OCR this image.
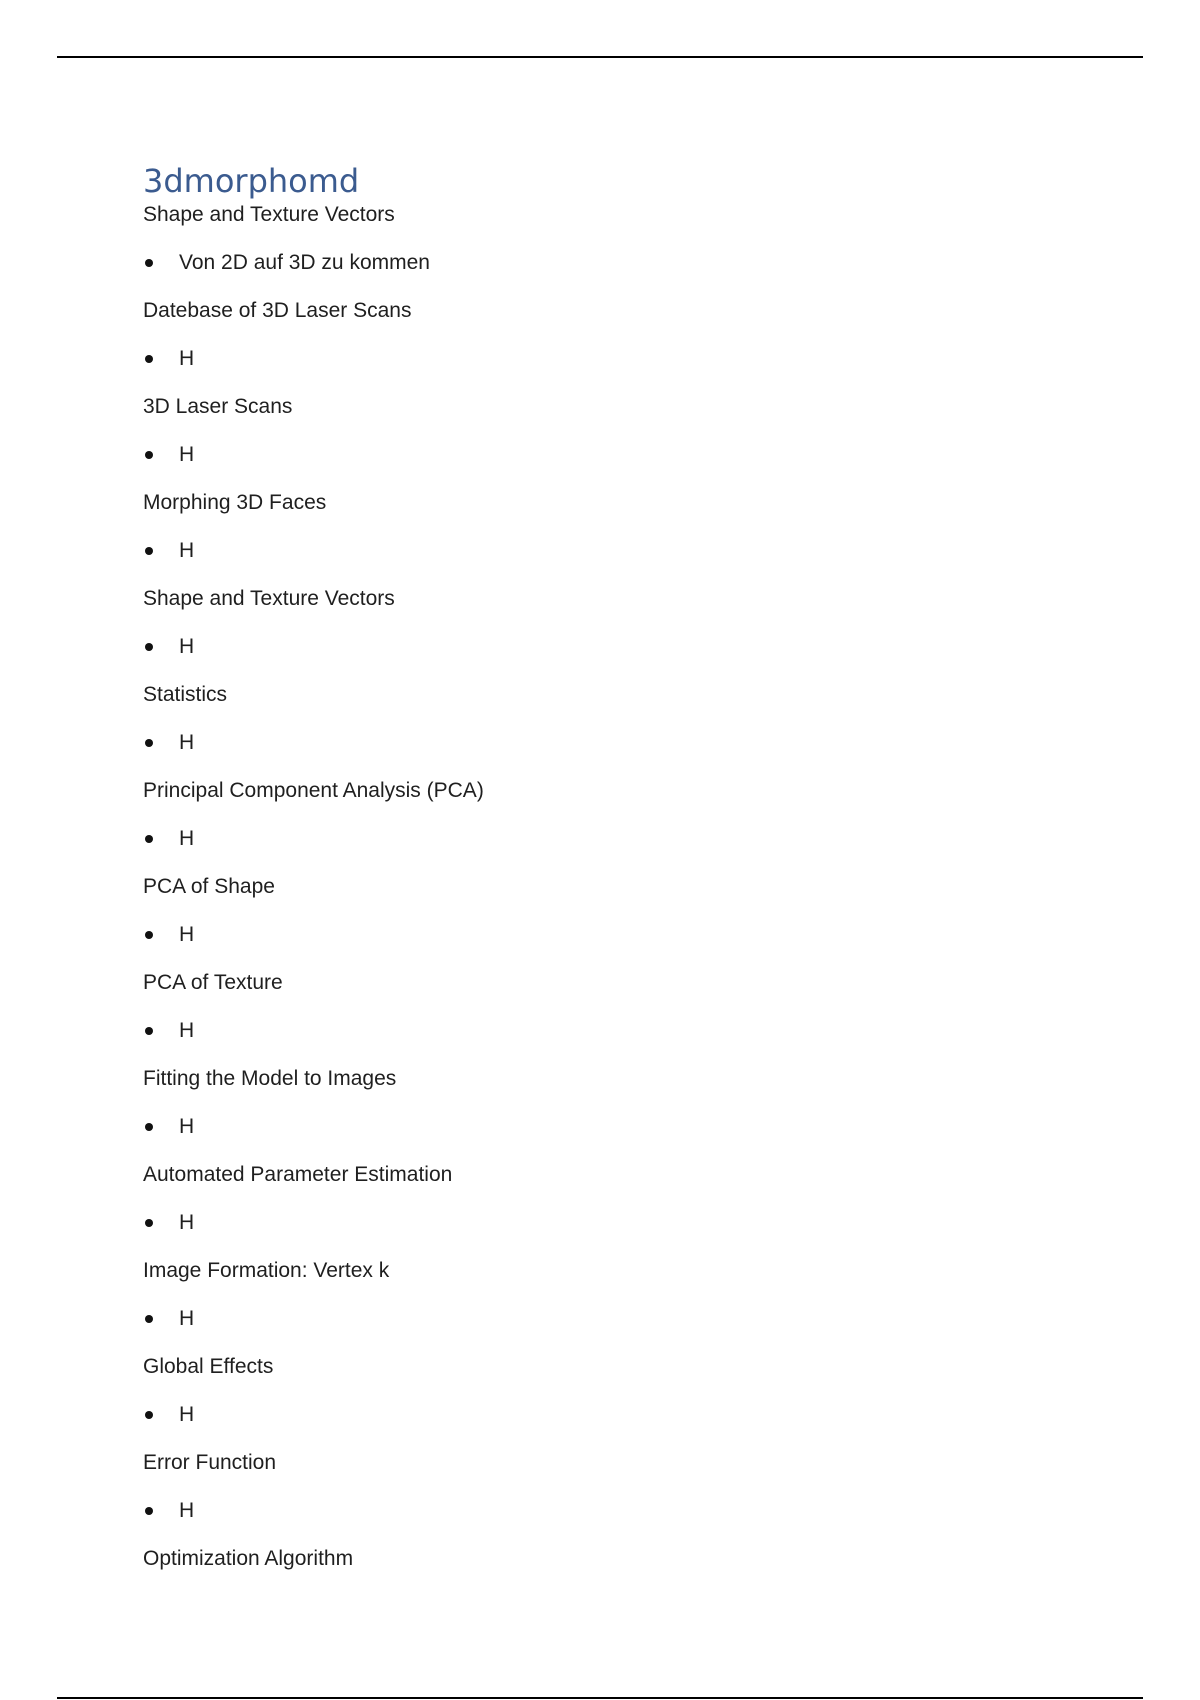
3dmorphomd

Shape and Texture Vectors

Von 2D auf 3D zu kommen

Datebase of 3D Laser Scans

H

3D Laser Scans

H

Morphing 3D Faces

H

Shape and Texture Vectors

H

Statistics

H

Principal Component Analysis (PCA)

H

PCA of Shape

H

PCA of Texture

H

Fitting the Model to Images

H

Automated Parameter Estimation

H

Image Formation: Vertex k

H

Global Effects

H

Error Function

H

Optimization Algorithm
